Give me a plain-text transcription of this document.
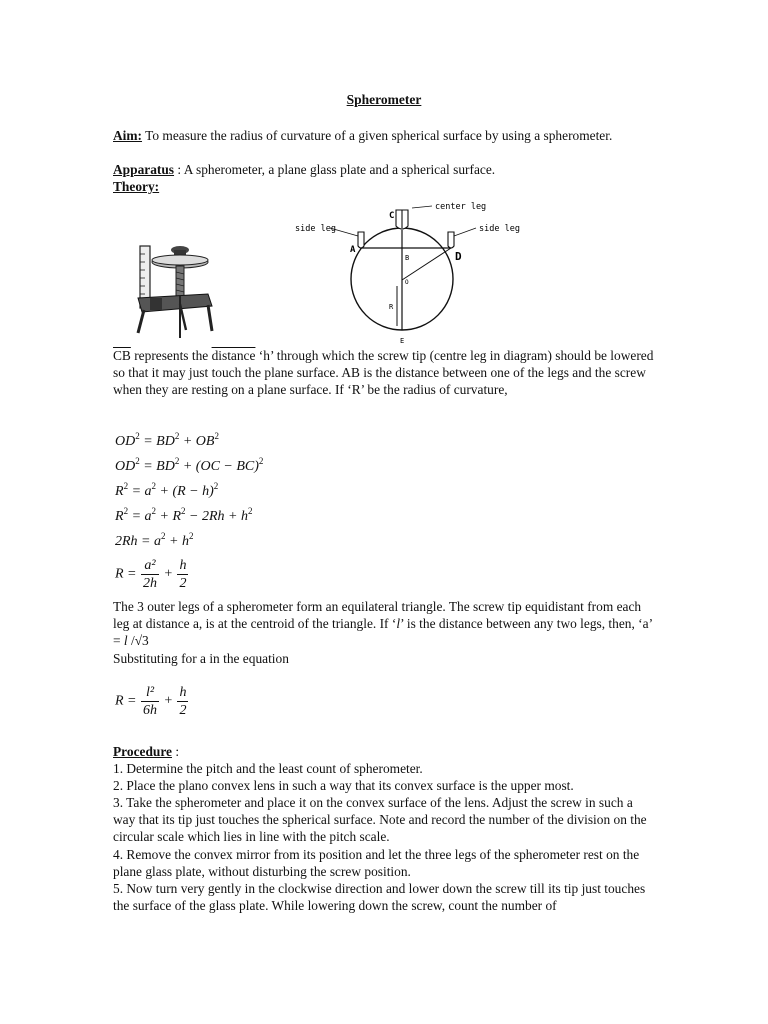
Spherometer

Aim: To measure the radius of curvature of a given spherical surface by using a spherometer.

Apparatus : A spherometer, a plane glass plate and a spherical surface.

Theory:

center leg
side leg	side leg
C
A
B	D
O
R
E

$\overline{CB}$ represents the distance ‘h’ through which the screw tip (centre leg in diagram) should be lowered so that it may just touch the plane surface. AB is the distance between one of the legs and the screw when they are resting on a plane surface. If ‘R’ be the radius of curvature,

$OD^2 = BD^2 + OB^2$
$OD^2 = BD^2 + (OC - BC)^2$
$R^2 = a^2 + (R - h)^2$
$R^2 = a^2 + R^2 - 2Rh + h^2$
$2Rh = a^2 + h^2$
$R = \frac{\text{a²}}{2h} + \frac{h}{2}$

The 3 outer legs of a spherometer form an equilateral triangle. The screw tip equidistant from each leg at distance a, is at the centroid of the triangle. If ‘l’ is the distance between any two legs, then, ‘a’ = l /√3

Substituting for a in the equation

$R = \frac{\text{l²}}{6h} + \frac{h}{2}$

Procedure :

1. Determine the pitch and the least count of spherometer.

2. Place the plano convex lens in such a way that its convex surface is the upper most.

3. Take the spherometer and place it on the convex surface of the lens. Adjust the screw in such a way that its tip just touches the spherical surface. Note and record the number of the division on the circular scale which lies in line with the pitch scale.

4. Remove the convex mirror from its position and let the three legs of the spherometer rest on the plane glass plate, without disturbing the screw position.

5. Now turn very gently in the clockwise direction and lower down the screw till its tip just touches the surface of the glass plate. While lowering down the screw, count the number of
